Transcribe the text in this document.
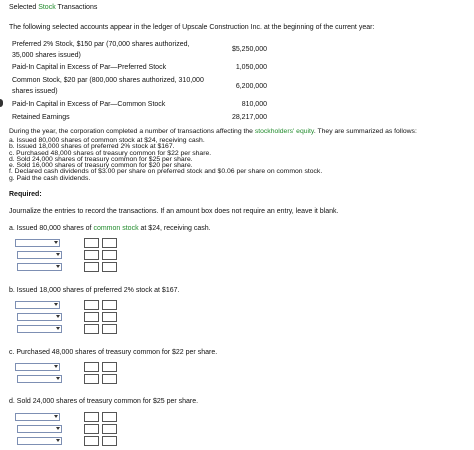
Selected Stock Transactions
The following selected accounts appear in the ledger of Upscale Construction Inc. at the beginning of the current year:
Preferred 2% Stock, $150 par (70,000 shares authorized,
35,000 shares issued)
$5,250,000
Paid-In Capital in Excess of Par—Preferred Stock	1,050,000
Common Stock, $20 par (800,000 shares authorized, 310,000
shares issued)
6,200,000
Paid-In Capital in Excess of Par—Common Stock	810,000
Retained Earnings	28,217,000
During the year, the corporation completed a number of transactions affecting the stockholders' equity. They are summarized as follows:
a. Issued 80,000 shares of common stock at $24, receiving cash.
b. Issued 18,000 shares of preferred 2% stock at $167.
c. Purchased 48,000 shares of treasury common for $22 per share.
d. Sold 24,000 shares of treasury common for $25 per share.
e. Sold 16,000 shares of treasury common for $20 per share.
f. Declared cash dividends of $3.00 per share on preferred stock and $0.06 per share on common stock.
g. Paid the cash dividends.
Required:
Journalize the entries to record the transactions. If an amount box does not require an entry, leave it blank.
a. Issued 80,000 shares of common stock at $24, receiving cash.
b. Issued 18,000 shares of preferred 2% stock at $167.
c. Purchased 48,000 shares of treasury common for $22 per share.
d. Sold 24,000 shares of treasury common for $25 per share.
